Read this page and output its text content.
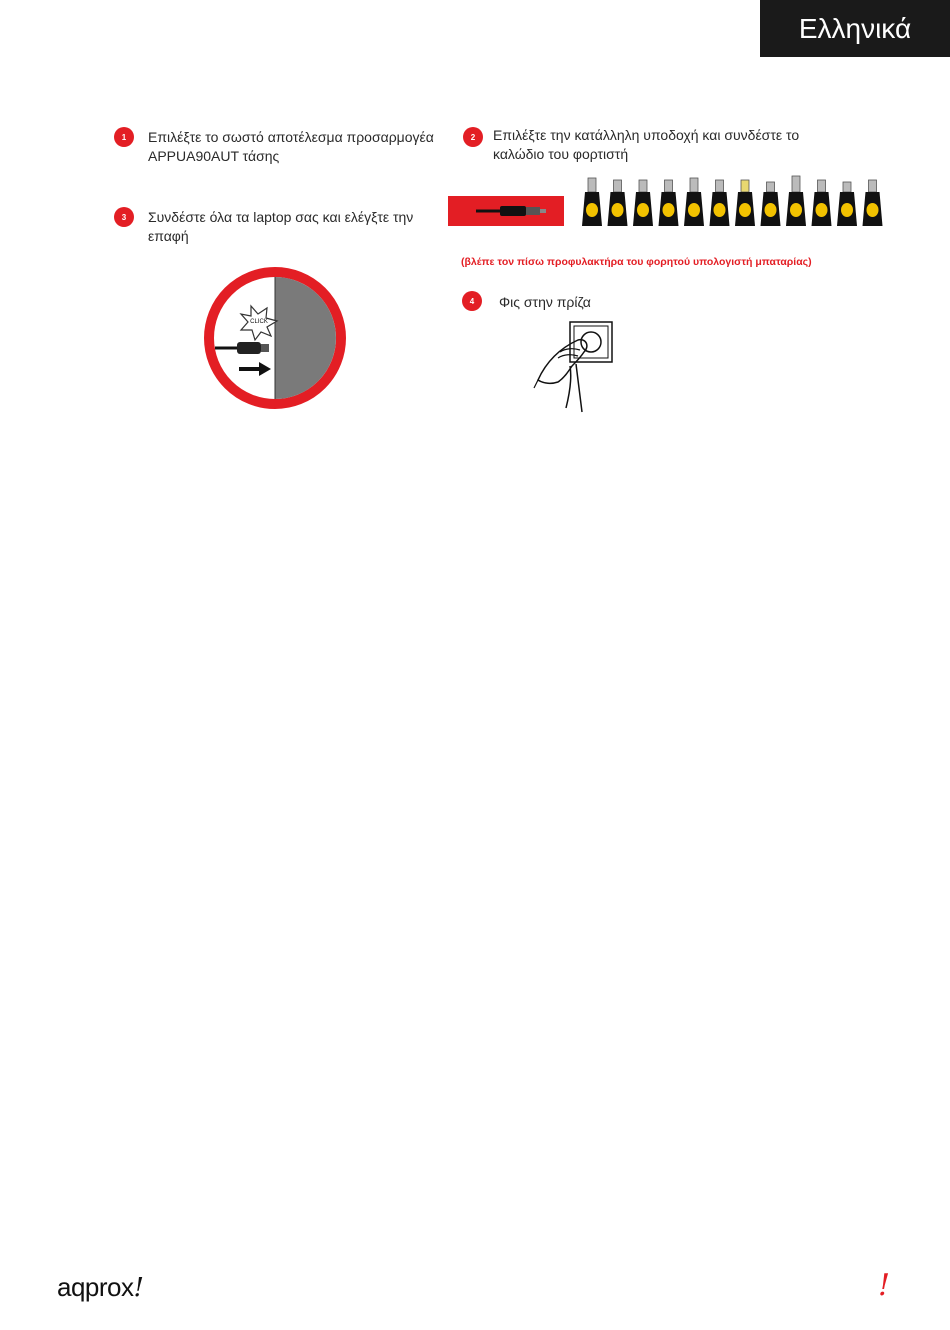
Ελληνικά
1	Επιλέξτε το σωστό αποτέλεσμα προσαρμογέα
APPUA90AUT τάσης
2	Επιλέξτε την κατάλληλη υποδοχή και συνδέστε το
καλώδιο του φορτιστή
3	Συνδέστε όλα τα laptop σας και ελέγξτε την
επαφή
4	Φις στην πρίζα
(βλέπε τον πίσω προφυλακτήρα του φορητού υπολογιστή μπαταρίας)
CLICK
aqprox!	!
